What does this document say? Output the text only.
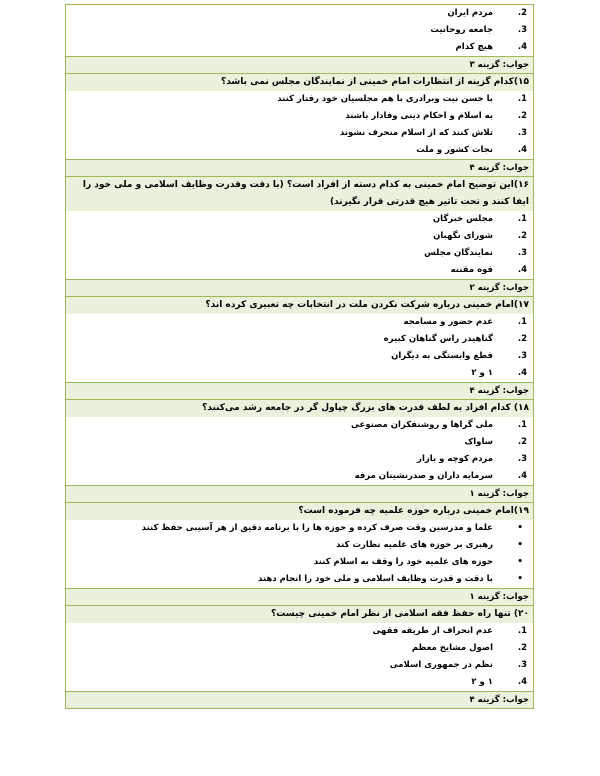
2.
مردم ایران
3.
جامعه روحانیت
4.
هیچ کدام
جواب: گزینه ۳
۱۵)کدام گزینه از انتظارات امام خمینی از نمایندگان مجلس نمی باشد؟
1.
با حسن نیت وبرادری با هم مجلسیان خود رفتار کنند
2.
به اسلام و احکام دینی وفادار باشند
3.
تلاش کنند که از اسلام منحرف نشوند
4.
نجات کشور و ملت
جواب: گزینه ۴
۱۶)این توضیح امام خمینی به کدام دسته از افراد است؟ (با دقت وقدرت وظایف اسلامی و ملی خود را ایفا کنند و تحت تاثیر هیچ قدرتی قرار نگیرند)
1.
مجلس خبرگان
2.
شورای نگهبان
3.
نمایندگان مجلس
4.
قوه مقننه
جواب: گزینه ۲
۱۷)امام خمینی درباره شرکت نکردن ملت در انتخابات چه تعبیری کرده اند؟
1.
عدم حضور و مسامحه
2.
گناهیدر راس گناهان کبیره
3.
قطع وابستگی به دیگران
4.
۱ و ۲
جواب: گزینه ۴
۱۸) کدام افراد به لطف قدرت های بزرگ چپاول گر در جامعه رشد می‌کنند؟
1.
ملی گراها و روشنفکران مصنوعی
2.
ساواک
3.
مردم کوچه و بازار
4.
سرمایه داران و صدرنشینان مرفه
جواب: گزینه ۱
۱۹)امام خمینی درباره حوزه علمیه چه فرموده است؟
•
علما و مدرسین وقت صرف کرده و حوزه ها را با برنامه دقیق از هر آسیبی حفظ کنند
•
رهبری بر حوزه های علمیه نظارت کند
•
حوزه های علمیه خود را وقف به اسلام کنند
•
با دقت و قدرت وظایف اسلامی و ملی خود را انجام دهند
جواب: گزینه ۱
۲۰) تنها راه حفظ فقه اسلامی از نظر امام خمینی چیست؟
1.
عدم انحراف از طریقه فقهی
2.
اصول مشایخ معظم
3.
نظم در جمهوری اسلامی
4.
۱ و ۲
جواب: گزینه ۴
